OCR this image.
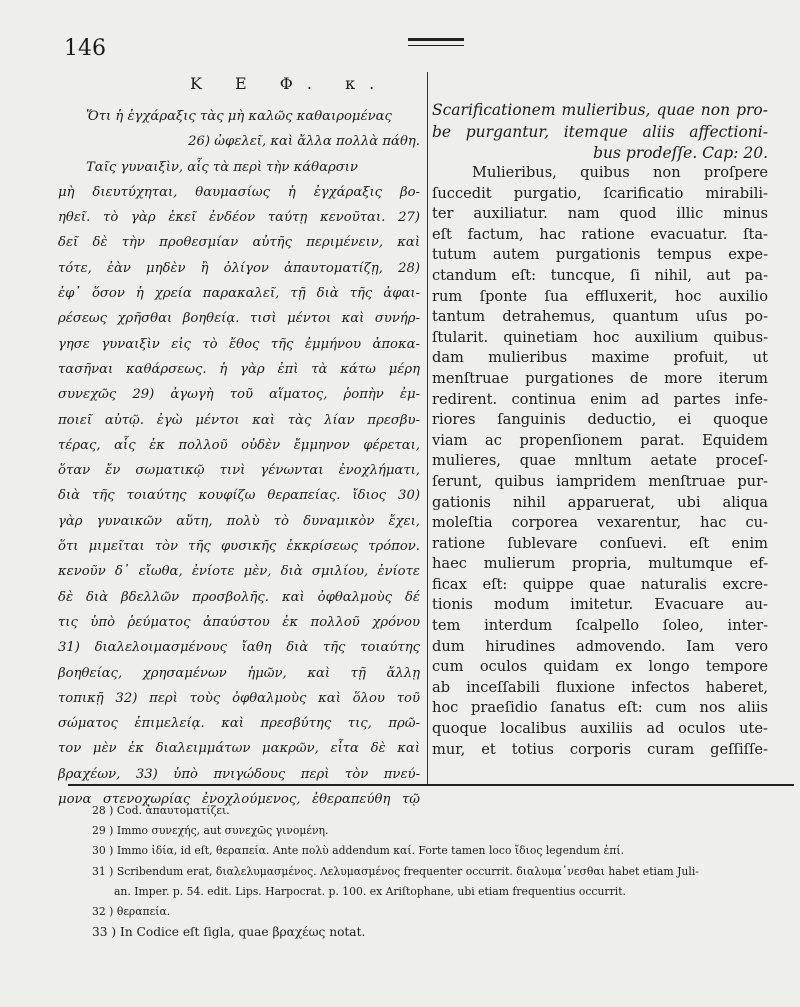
146
Κ Ε Φ. κ.
Ὅτι ἡ ἐγχάραξις τὰς μὴ καλῶς καθαιρομένας
26) ὠφελεῖ, καὶ ἄλλα πολλὰ πάθη.
Ταῖς γυναιξὶν, αἷς τὰ περὶ τὴν κάθαρσιν
μὴ διευτύχηται, θαυμασίως ἡ ἐγχάραξις βο-
ηθεῖ. τὸ γὰρ ἐκεῖ ἐνδέον ταύτῃ κενοῦται. 27)
δεῖ δὲ τὴν προθεσμίαν αὐτῆς περιμένειν, καὶ
τότε, ἐὰν μηδὲν ἢ ὀλίγον ἀπαυτοματίζῃ, 28)
ἐφ᾽ ὅσον ἡ χρεία παρακαλεῖ, τῇ διὰ τῆς ἀφαι-
ρέσεως χρῆσθαι βοηθείᾳ. τισὶ μέντοι καὶ συνήρ-
γησε γυναιξὶν εἰς τὸ ἔθος τῆς ἐμμήνου ἀποκα-
τασῆναι καθάρσεως. ἡ γὰρ ἐπὶ τὰ κάτω μέρη
συνεχῶς 29) ἀγωγὴ τοῦ αἵματος, ῥοπὴν ἐμ-
ποιεῖ αὐτῷ. ἐγὼ μέντοι καὶ τὰς λίαν πρεσβυ-
τέρας, αἷς ἐκ πολλοῦ οὐδὲν ἔμμηνον φέρεται,
ὅταν ἔν σωματικῷ τινὶ γένωνται ἐνοχλήματι,
διὰ τῆς τοιαύτης κουφίζω θεραπείας. ἴδιος 30)
γὰρ γυναικῶν αὕτη, πολὺ τὸ δυναμικὸν ἔχει,
ὅτι μιμεῖται τὸν τῆς φυσικῆς ἐκκρίσεως τρόπον.
κενοῦν δ᾽ εἴωθα, ἐνίοτε μὲν, διὰ σμιλίου, ἐνίοτε
δὲ διὰ βδελλῶν προσβολῆς. καὶ ὀφθαλμοὺς δέ
τις ὑπὸ ῥεύματος ἀπαύστου ἐκ πολλοῦ χρόνου
31) διαλελοιμασμένους ἴαθη διὰ τῆς τοιαύτης
βοηθείας, χρησαμένων ἡμῶν, καὶ τῇ ἄλλῃ
τοπικῇ 32) περὶ τοὺς ὀφθαλμοὺς καὶ ὅλου τοῦ
σώματος ἐπιμελείᾳ. καὶ πρεσβύτης τις, πρῶ-
τον μὲν ἐκ διαλειμμάτων μακρῶν, εἶτα δὲ καὶ
βραχέων, 33) ὑπὸ πνιγώδους περὶ τὸν πνεύ-
μονα στενοχωρίας ἐνοχλούμενος, ἐθεραπεύθη τῷ
Scarificationem mulieribus, quae non pro-
be purgantur, itemque aliis affectioni-
bus prodeſſe. Cap: 20.
Mulieribus, quibus non proſpere
ſuccedit purgatio, ſcarificatio mirabili-
ter auxiliatur. nam quod illic minus
eſt factum, hac ratione evacuatur. ſta-
tutum autem purgationis tempus expe-
ctandum eſt: tuncque, ſi nihil, aut pa-
rum ſponte ſua effluxerit, hoc auxilio
tantum detrahemus, quantum uſus po-
ſtularit. quinetiam hoc auxilium quibus-
dam mulieribus maxime profuit, ut
menſtruae purgationes de more iterum
redirent. continua enim ad partes infe-
riores ſanguinis deductio, ei quoque
viam ac propenſionem parat. Equidem
mulieres, quae mnltum aetate proceſ-
ſerunt, quibus iampridem menſtruae pur-
gationis nihil apparuerat, ubi aliqua
moleſtia corporea vexarentur, hac cu-
ratione ſublevare conſuevi. eſt enim
haec mulierum propria, multumque ef-
ficax eſt: quippe quae naturalis excre-
tionis modum imitetur. Evacuare au-
tem interdum ſcalpello ſoleo, inter-
dum hirudines admovendo. Iam vero
cum oculos quidam ex longo tempore
ab inceſſabili fluxione infectos haberet,
hoc praeſidio ſanatus eſt: cum nos aliis
quoque localibus auxiliis ad oculos ute-
mur, et totius corporis curam geſſiſſe-
28 ) Cod. ἀπαυτοματίζει.
29 ) Immo συνεχής, aut συνεχῶς γινομένη.
30 ) Immo ἰδία, id eſt, θεραπεία. Ante πολὺ addendum καί. Forte tamen loco ἴδιος legendum ἐπί.
31 ) Scribendum erat, διαλελυμασμένος. Λελυμασμένος frequenter occurrit. διαλυμα᾽νεσθαι habet etiam Juli-
an. Imper. p. 54. edit. Lips. Harpocrat. p. 100. ex Ariſtophane, ubi etiam frequentius occurrit.
32 ) θεραπεία.
33 ) In Codice eſt ſigla, quae βραχέως notat.
